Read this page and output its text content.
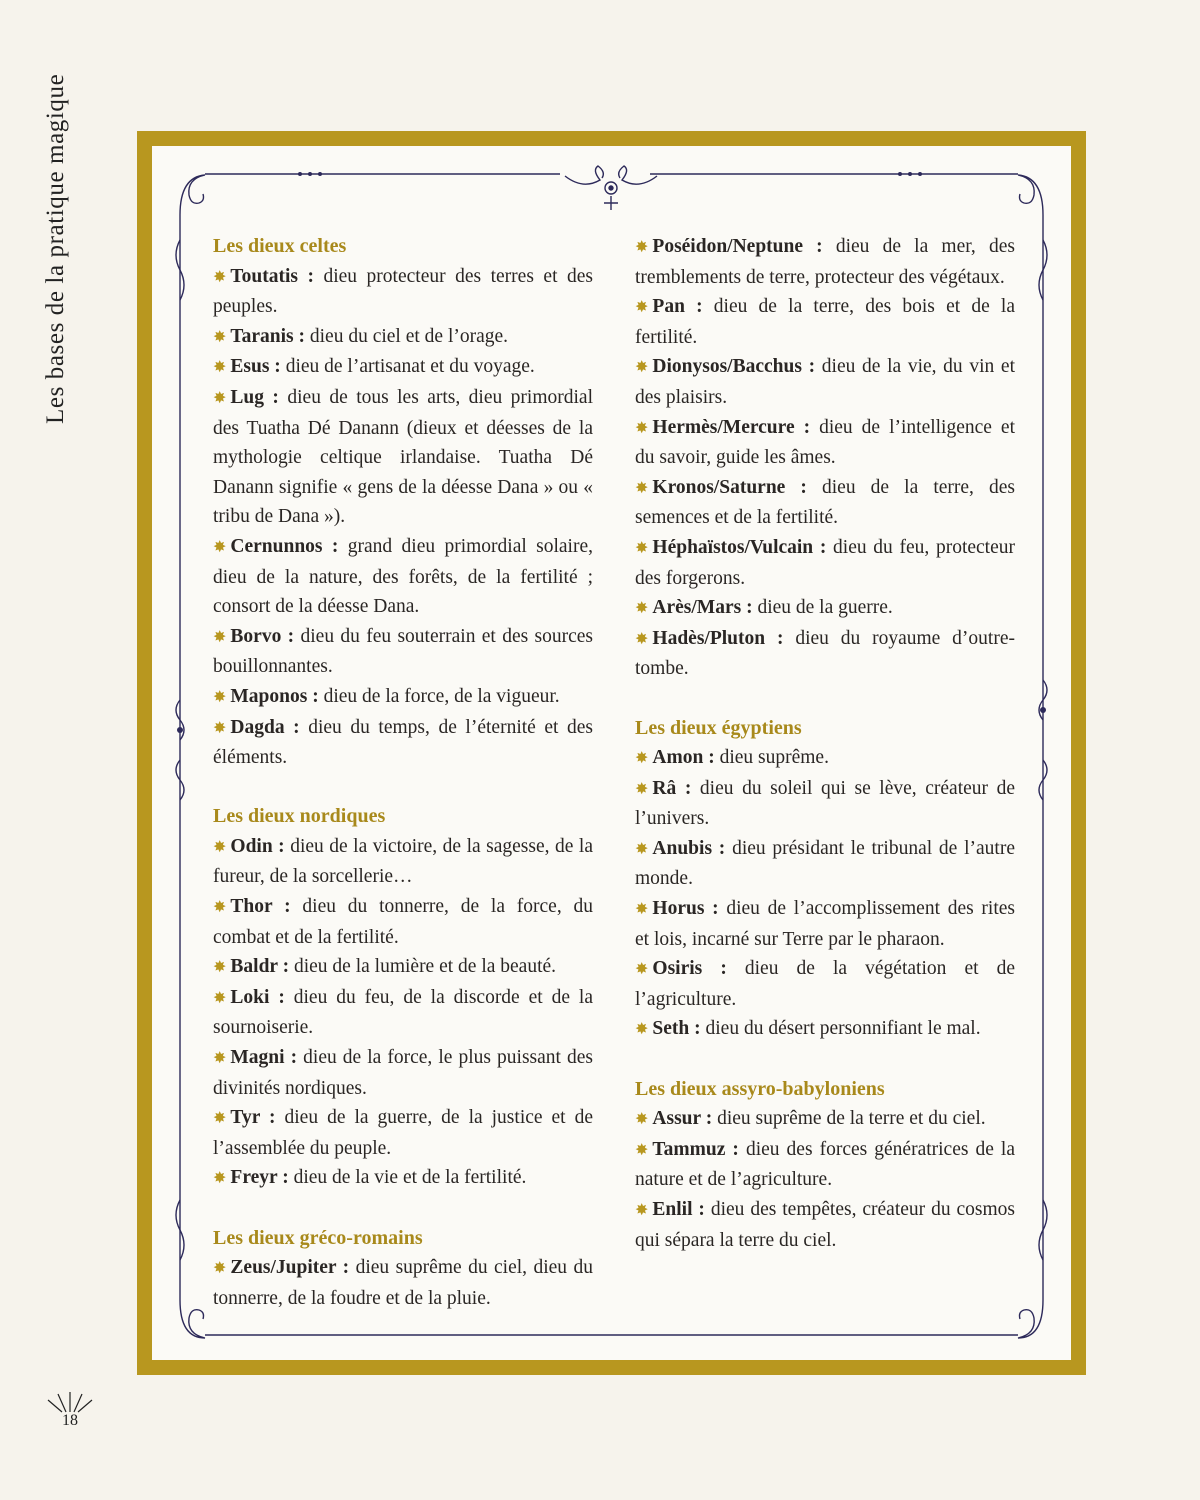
Les bases de la pratique magique	Les dieux celtes

✸ Toutatis : dieu protecteur des terres et des peuples.

✸ Taranis : dieu du ciel et de l’orage.

✸ Esus : dieu de l’artisanat et du voyage.

✸ Lug : dieu de tous les arts, dieu primordial des Tuatha Dé Danann (dieux et déesses de la mythologie celtique irlandaise. Tuatha Dé Danann signifie « gens de la déesse Dana » ou « tribu de Dana »).

✸ Cernunnos : grand dieu primordial solaire, dieu de la nature, des forêts, de la fertilité ; consort de la déesse Dana.

✸ Borvo : dieu du feu souterrain et des sources bouillonnantes.

✸ Maponos : dieu de la force, de la vigueur.

✸ Dagda : dieu du temps, de l’éternité et des éléments.

Les dieux nordiques

✸ Odin : dieu de la victoire, de la sagesse, de la fureur, de la sorcellerie…

✸ Thor : dieu du tonnerre, de la force, du combat et de la fertilité.

✸ Baldr : dieu de la lumière et de la beauté.

✸ Loki : dieu du feu, de la discorde et de la sournoiserie.

✸ Magni : dieu de la force, le plus puissant des divinités nordiques.

✸ Tyr : dieu de la guerre, de la justice et de l’assemblée du peuple.

✸ Freyr : dieu de la vie et de la fertilité.

Les dieux gréco-romains

✸ Zeus/Jupiter : dieu suprême du ciel, dieu du tonnerre, de la foudre et de la pluie.

✸ Poséidon/Neptune : dieu de la mer, des tremblements de terre, protecteur des végétaux.

✸ Pan : dieu de la terre, des bois et de la fertilité.

✸ Dionysos/Bacchus : dieu de la vie, du vin et des plaisirs.

✸ Hermès/Mercure : dieu de l’intelligence et du savoir, guide les âmes.

✸ Kronos/Saturne : dieu de la terre, des semences et de la fertilité.

✸ Héphaïstos/Vulcain : dieu du feu, protecteur des forgerons.

✸ Arès/Mars : dieu de la guerre.

✸ Hadès/Pluton : dieu du royaume d’outre-tombe.

Les dieux égyptiens

✸ Amon : dieu suprême.

✸ Râ : dieu du soleil qui se lève, créateur de l’univers.

✸ Anubis : dieu présidant le tribunal de l’autre monde.

✸ Horus : dieu de l’accomplissement des rites et lois, incarné sur Terre par le pharaon.

✸ Osiris : dieu de la végétation et de l’agriculture.

✸ Seth : dieu du désert personnifiant le mal.

Les dieux assyro-babyloniens

✸ Assur : dieu suprême de la terre et du ciel.

✸ Tammuz : dieu des forces génératrices de la nature et de l’agriculture.

✸ Enlil : dieu des tempêtes, créateur du cosmos qui sépara la terre du ciel.

18
